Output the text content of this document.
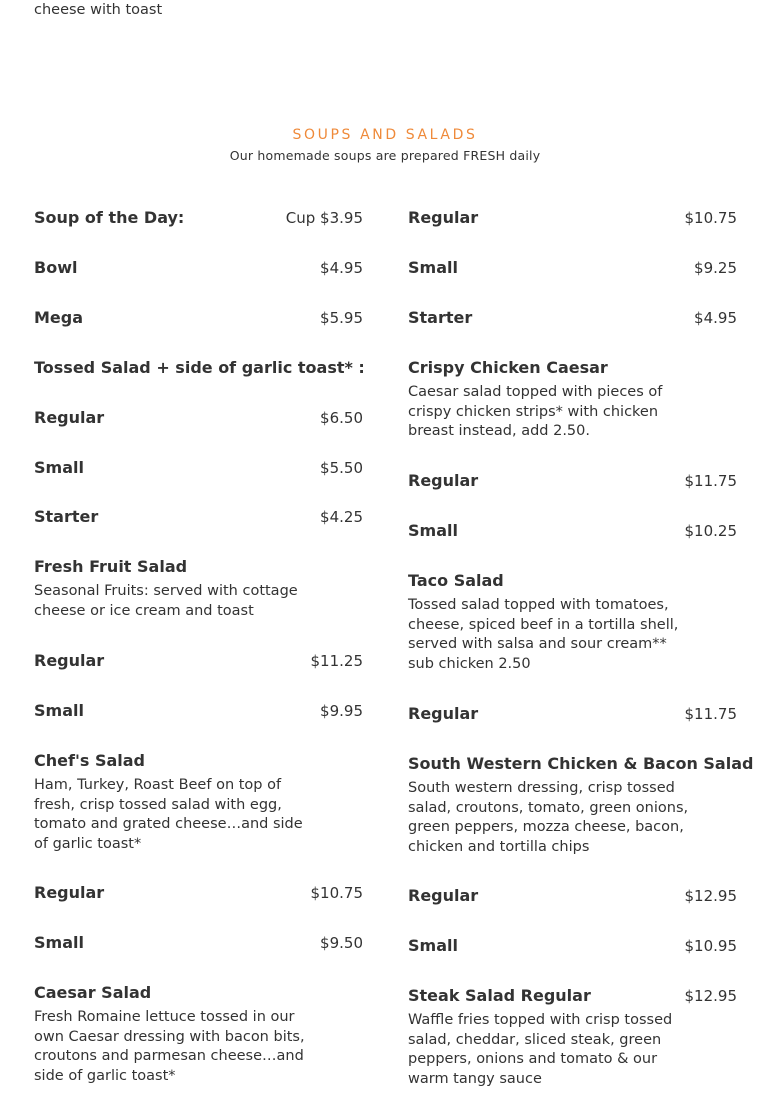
cheese with toast
SOUPS AND SALADS
Our homemade soups are prepared FRESH daily
Soup of the Day:	Cup $3.95
Bowl	$4.95
Mega	$5.95
Tossed Salad + side of garlic toast* :
Regular	$6.50
Small	$5.50
Starter	$4.25
Fresh Fruit Salad
Seasonal Fruits: served with cottage cheese or ice cream and toast
Regular	$11.25
Small	$9.95
Chef's Salad
Ham, Turkey, Roast Beef on top of fresh, crisp tossed salad with egg, tomato and grated cheese…and side of garlic toast*
Regular	$10.75
Small	$9.50
Caesar Salad
Fresh Romaine lettuce tossed in our own Caesar dressing with bacon bits, croutons and parmesan cheese…and side of garlic toast*
Regular	$10.75
Small	$9.25
Starter	$4.95
Crispy Chicken Caesar
Caesar salad topped with pieces of crispy chicken strips* with chicken breast instead, add 2.50.
Regular	$11.75
Small	$10.25
Taco Salad
Tossed salad topped with tomatoes, cheese, spiced beef in a tortilla shell, served with salsa and sour cream** sub chicken 2.50
Regular	$11.75
South Western Chicken & Bacon Salad
South western dressing, crisp tossed salad, croutons, tomato, green onions, green peppers, mozza cheese, bacon, chicken and tortilla chips
Regular	$12.95
Small	$10.95
Steak Salad Regular	$12.95
Waffle fries topped with crisp tossed salad, cheddar, sliced steak, green peppers, onions and tomato & our warm tangy sauce
